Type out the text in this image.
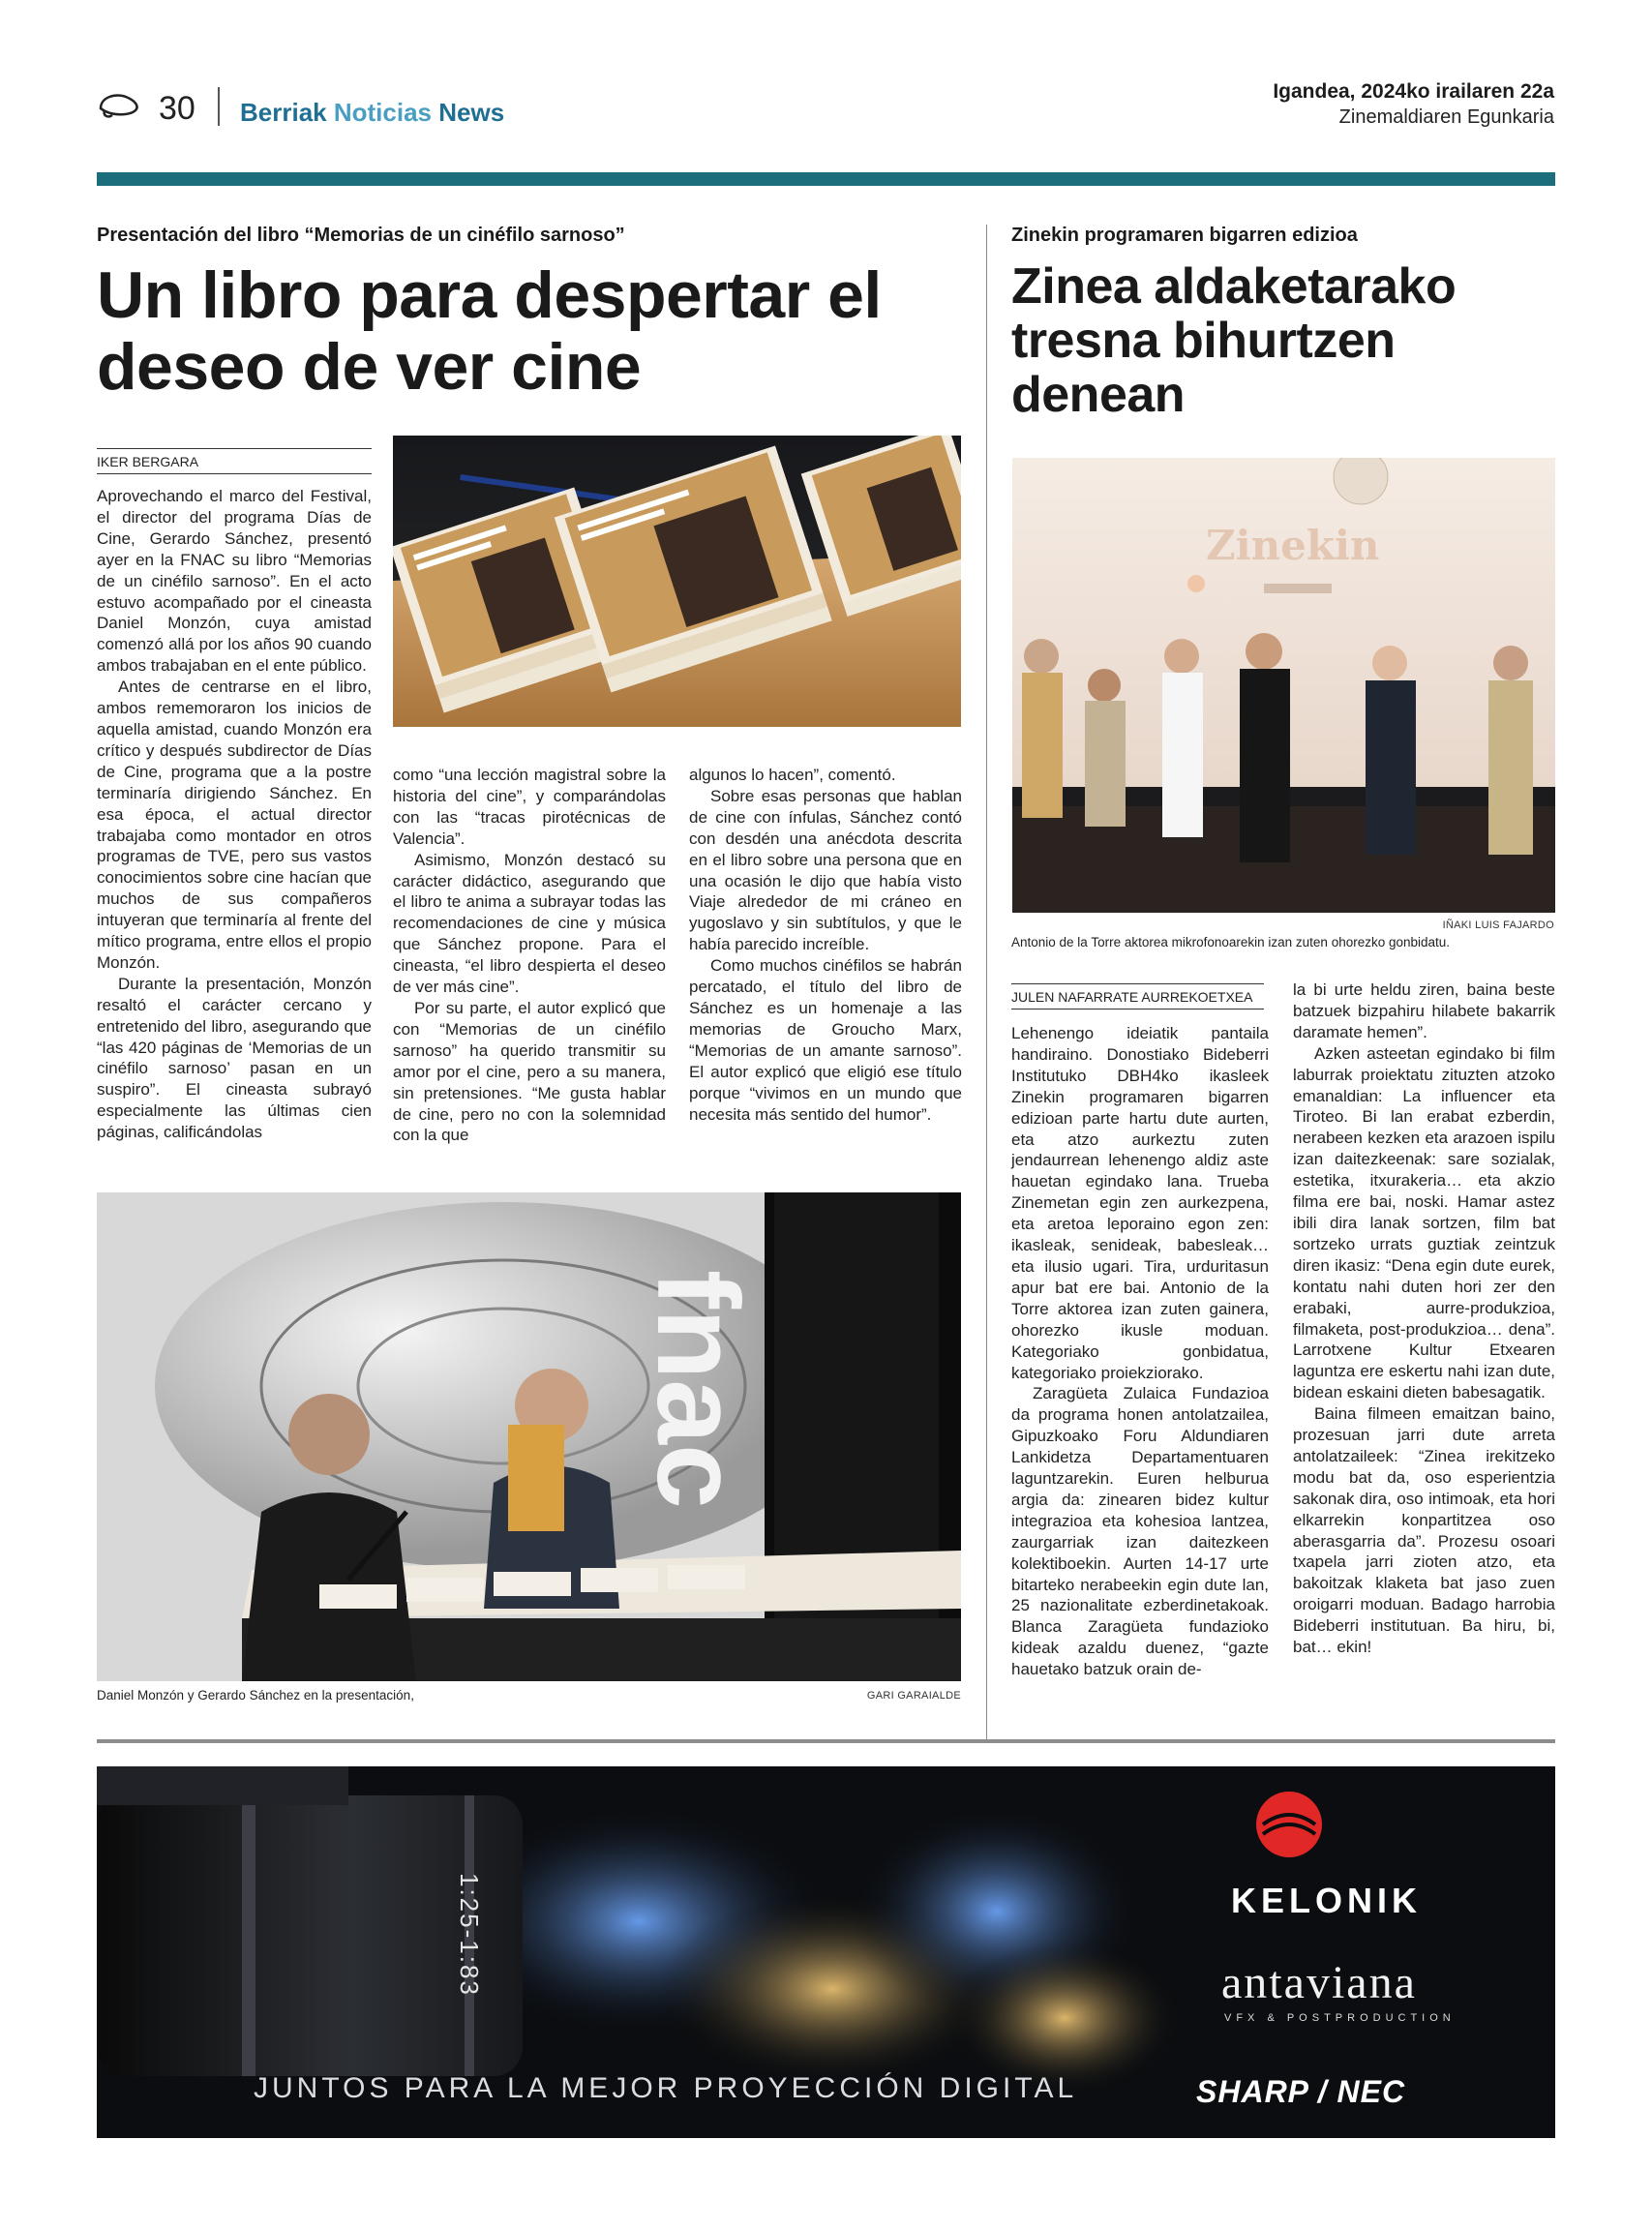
30 Berriak Noticias News
Igandea, 2024ko irailaren 22a
Zinemaldiaren Egunkaria
Presentación del libro “Memorias de un cinéfilo sarnoso”
Un libro para despertar el deseo de ver cine
IKER BERGARA

Aprovechando el marco del Festival, el director del programa Días de Cine, Gerardo Sánchez, presentó ayer en la FNAC su libro “Memorias de un cinéfilo sarnoso”. En el acto estuvo acompañado por el cineasta Daniel Monzón, cuya amistad comenzó allá por los años 90 cuando ambos trabajaban en el ente público.

Antes de centrarse en el libro, ambos rememoraron los inicios de aquella amistad, cuando Monzón era crítico y después subdirector de Días de Cine, programa que a la postre terminaría dirigiendo Sánchez. En esa época, el actual director trabajaba como montador en otros programas de TVE, pero sus vastos conocimientos sobre cine hacían que muchos de sus compañeros intuyeran que terminaría al frente del mítico programa, entre ellos el propio Monzón.

Durante la presentación, Monzón resaltó el carácter cercano y entretenido del libro, asegurando que “las 420 páginas de ‘Memorias de un cinéfilo sarnoso’ pasan en un suspiro”. El cineasta subrayó especialmente las últimas cien páginas, calificándolas

como “una lección magistral sobre la historia del cine”, y comparándolas con las “tracas pirotécnicas de Valencia”.

Asimismo, Monzón destacó su carácter didáctico, asegurando que el libro te anima a subrayar todas las recomendaciones de cine y música que Sánchez propone. Para el cineasta, “el libro despierta el deseo de ver más cine”.

Por su parte, el autor explicó que con “Memorias de un cinéfilo sarnoso” ha querido transmitir su amor por el cine, pero a su manera, sin pretensiones. “Me gusta hablar de cine, pero no con la solemnidad con la que

algunos lo hacen”, comentó.

Sobre esas personas que hablan de cine con ínfulas, Sánchez contó con desdén una anécdota descrita en el libro sobre una persona que en una ocasión le dijo que había visto Viaje alrededor de mi cráneo en yugoslavo y sin subtítulos, y que le había parecido increíble.

Como muchos cinéfilos se habrán percatado, el título del libro de Sánchez es un homenaje a las memorias de Groucho Marx, “Memorias de un amante sarnoso”. El autor explicó que eligió ese título porque “vivimos en un mundo que necesita más sentido del humor”.

fnac
Daniel Monzón y Gerardo Sánchez en la presentación,	GARI GARAIALDE
Zinekin programaren bigarren edizioa
Zinea aldaketarako tresna bihurtzen denean
Zinekin
IÑAKI LUIS FAJARDO
Antonio de la Torre aktorea mikrofonoarekin izan zuten ohorezko gonbidatu.
JULEN NAFARRATE AURREKOETXEA

Lehenengo ideiatik pantaila handiraino. Donostiako Bideberri Institutuko DBH4ko ikasleek Zinekin programaren bigarren edizioan parte hartu dute aurten, eta atzo aurkeztu zuten jendaurrean lehenengo aldiz aste hauetan egindako lana. Trueba Zinemetan egin zen aurkezpena, eta aretoa leporaino egon zen: ikasleak, senideak, babesleak… eta ilusio ugari. Tira, urduritasun apur bat ere bai. Antonio de la Torre aktorea izan zuten gainera, ohorezko ikusle moduan. Kategoriako gonbidatua, kategoriako proiekziorako.

Zaragüeta Zulaica Fundazioa da programa honen antolatzailea, Gipuzkoako Foru Aldundiaren Lankidetza Departamentuaren laguntzarekin. Euren helburua argia da: zinearen bidez kultur integrazioa eta kohesioa lantzea, zaurgarriak izan daitezkeen kolektiboekin. Aurten 14-17 urte bitarteko nerabeekin egin dute lan, 25 nazionalitate ezberdinetakoak. Blanca Zaragüeta fundazioko kideak azaldu duenez, “gazte hauetako batzuk orain de-

la bi urte heldu ziren, baina beste batzuek bizpahiru hilabete bakarrik daramate hemen”.

Azken asteetan egindako bi film laburrak proiektatu zituzten atzoko emanaldian: La influencer eta Tiroteo. Bi lan erabat ezberdin, nerabeen kezken eta arazoen ispilu izan daitezkeenak: sare sozialak, estetika, itxurakeria… eta akzio filma ere bai, noski. Hamar astez ibili dira lanak sortzen, film bat sortzeko urrats guztiak zeintzuk diren ikasiz: “Dena egin dute eurek, kontatu nahi duten hori zer den erabaki, aurre-produkzioa, filmaketa, post-produkzioa… dena”. Larrotxene Kultur Etxearen laguntza ere eskertu nahi izan dute, bidean eskaini dieten babesagatik.

Baina filmeen emaitzan baino, prozesuan jarri dute arreta antolatzaileek: “Zinea irekitzeko modu bat da, oso esperientzia sakonak dira, oso intimoak, eta hori elkarrekin konpartitzea oso aberasgarria da”. Prozesu osoari txapela jarri zioten atzo, eta bakoitzak klaketa bat jaso zuen oroigarri moduan. Badago harrobia Bideberri institutuan. Ba hiru, bi, bat… ekin!

1:25-1:83	KELONIK
antaviana
VFX & POSTPRODUCTION
JUNTOS PARA LA MEJOR PROYECCIÓN DIGITAL	SHARP / NEC
